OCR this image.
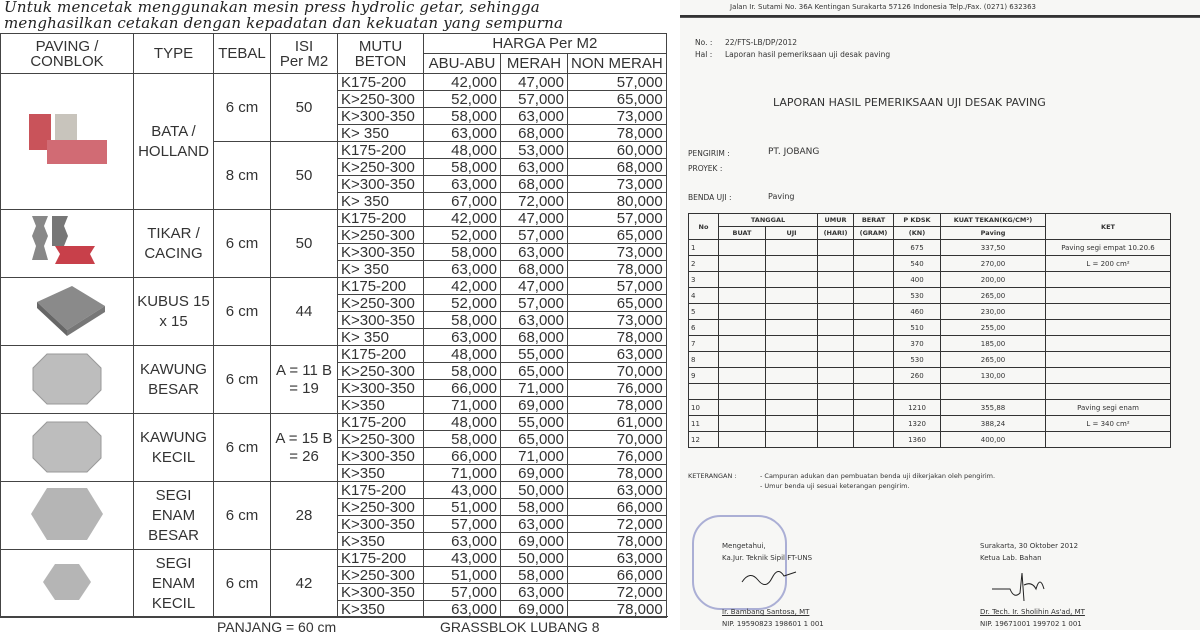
Untuk mencetak menggunakan mesin press hydrolic getar, sehingga
menghasilkan cetakan dengan kepadatan dan kekuatan yang sempurna
PAVING /
CONBLOK	TYPE	TEBAL	ISI
Per M2	MUTU
BETON	HARGA Per M2		
					ABU-ABU	MERAH	NON MERAH

	BATA / HOLLAND	6 cm	50	K175-200	42,000	47,000	57,000
				K>250-300	52,000	57,000	65,000
				K>300-350	58,000	63,000	73,000
				K> 350	63,000	68,000	78,000
		8 cm	50	K175-200	48,000	53,000	60,000
				K>250-300	58,000	63,000	68,000
				K>300-350	63,000	68,000	73,000
				K> 350	67,000	72,000	80,000

	TIKAR / CACING	6 cm	50	K175-200	42,000	47,000	57,000
				K>250-300	52,000	57,000	65,000
				K>300-350	58,000	63,000	73,000
				K> 350	63,000	68,000	78,000

	KUBUS 15 x 15	6 cm	44	K175-200	42,000	47,000	57,000
				K>250-300	52,000	57,000	65,000
				K>300-350	58,000	63,000	73,000
				K> 350	63,000	68,000	78,000

	KAWUNG BESAR	6 cm	A = 11 B = 19	K175-200	48,000	55,000	63,000
				K>250-300	58,000	65,000	70,000
				K>300-350	66,000	71,000	76,000
				K>350	71,000	69,000	78,000

	KAWUNG KECIL	6 cm	A = 15 B = 26	K175-200	48,000	55,000	61,000
				K>250-300	58,000	65,000	70,000
				K>300-350	66,000	71,000	76,000
				K>350	71,000	69,000	78,000

	SEGI ENAM BESAR	6 cm	28	K175-200	43,000	50,000	63,000
				K>250-300	51,000	58,000	66,000
				K>300-350	57,000	63,000	72,000
				K>350	63,000	69,000	78,000

	SEGI ENAM KECIL	6 cm	42	K175-200	43,000	50,000	63,000
				K>250-300	51,000	58,000	66,000
				K>300-350	57,000	63,000	72,000
				K>350	63,000	69,000	78,000
PANJANG = 60 cm	GRASSBLOK LUBANG 8
Jalan Ir. Sutami No. 36A Kentingan Surakarta 57126 Indonesia Telp./Fax. (0271) 632363
No. : 22/FTS-LB/DP/2012
Hal : Laporan hasil pemeriksaan uji desak paving
LAPORAN HASIL PEMERIKSAAN UJI DESAK PAVING
PENGIRIM :	PT. JOBANG
PROYEK :
BENDA UJI :	Paving
No	TANGGAL		UMUR	BERAT	P KDSK	KUAT TEKAN(KG/CM²)	KET
	BUAT	UJI	(HARI)	(GRAM)	(KN)	Paving	
1					675	337,50	Paving segi empat 10.20.6
2					540	270,00	L = 200 cm²
3					400	200,00	
4					530	265,00	
5					460	230,00	
6					510	255,00	
7					370	185,00	
8					530	265,00	
9					260	130,00	

10					1210	355,88	Paving segi enam
11					1320	388,24	L = 340 cm²
12					1360	400,00	
KETERANGAN :	- Campuran adukan dan pembuatan benda uji dikerjakan oleh pengirim.
- Umur benda uji sesuai keterangan pengirim.
Mengetahui,
Ka.Jur. Teknik Sipil FT-UNS
Ir. Bambang Santosa, MT
NIP. 19590823 198601 1 001
Surakarta, 30 Oktober 2012
Ketua Lab. Bahan
Dr. Tech. Ir. Sholihin As'ad, MT
NIP. 19671001 199702 1 001
